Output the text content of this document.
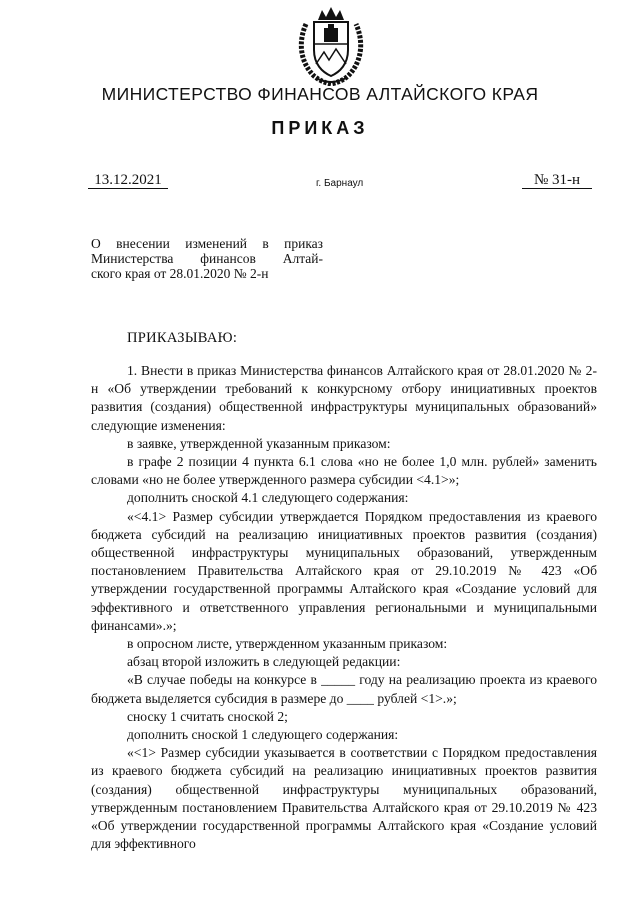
МИНИСТЕРСТВО ФИНАНСОВ АЛТАЙСКОГО КРАЯ
ПРИКАЗ
13.12.2021	г. Барнаул	№ 31-н
О внесении изменений в приказ
Министерства финансов Алтай-
ского края от 28.01.2020 № 2-н
ПРИКАЗЫВАЮ:

1. Внести в приказ Министерства финансов Алтайского края от 28.01.2020 № 2-н «Об утверждении требований к конкурсному отбору инициативных проектов развития (создания) общественной инфраструктуры муниципальных образований» следующие изменения:

в заявке, утвержденной указанным приказом:

в графе 2 позиции 4 пункта 6.1 слова «но не более 1,0 млн. рублей» заменить словами «но не более утвержденного размера субсидии <4.1>»;

дополнить сноской 4.1 следующего содержания:

«<4.1> Размер субсидии утверждается Порядком предоставления из краевого бюджета субсидий на реализацию инициативных проектов развития (создания) общественной инфраструктуры муниципальных образований, утвержденным постановлением Правительства Алтайского края от 29.10.2019 № 423 «Об утверждении государственной программы Алтайского края «Создание условий для эффективного и ответственного управления региональными и муниципальными финансами».»;

в опросном листе, утвержденном указанным приказом:

абзац второй изложить в следующей редакции:

«В случае победы на конкурсе в _____ году на реализацию проекта из краевого бюджета выделяется субсидия в размере до ____ рублей <1>.»;

сноску 1 считать сноской 2;

дополнить сноской 1 следующего содержания:

«<1> Размер субсидии указывается в соответствии с Порядком предоставления из краевого бюджета субсидий на реализацию инициативных проектов развития (создания) общественной инфраструктуры муниципальных образований, утвержденным постановлением Правительства Алтайского края от 29.10.2019 № 423 «Об утверждении государственной программы Алтайского края «Создание условий для эффективного
